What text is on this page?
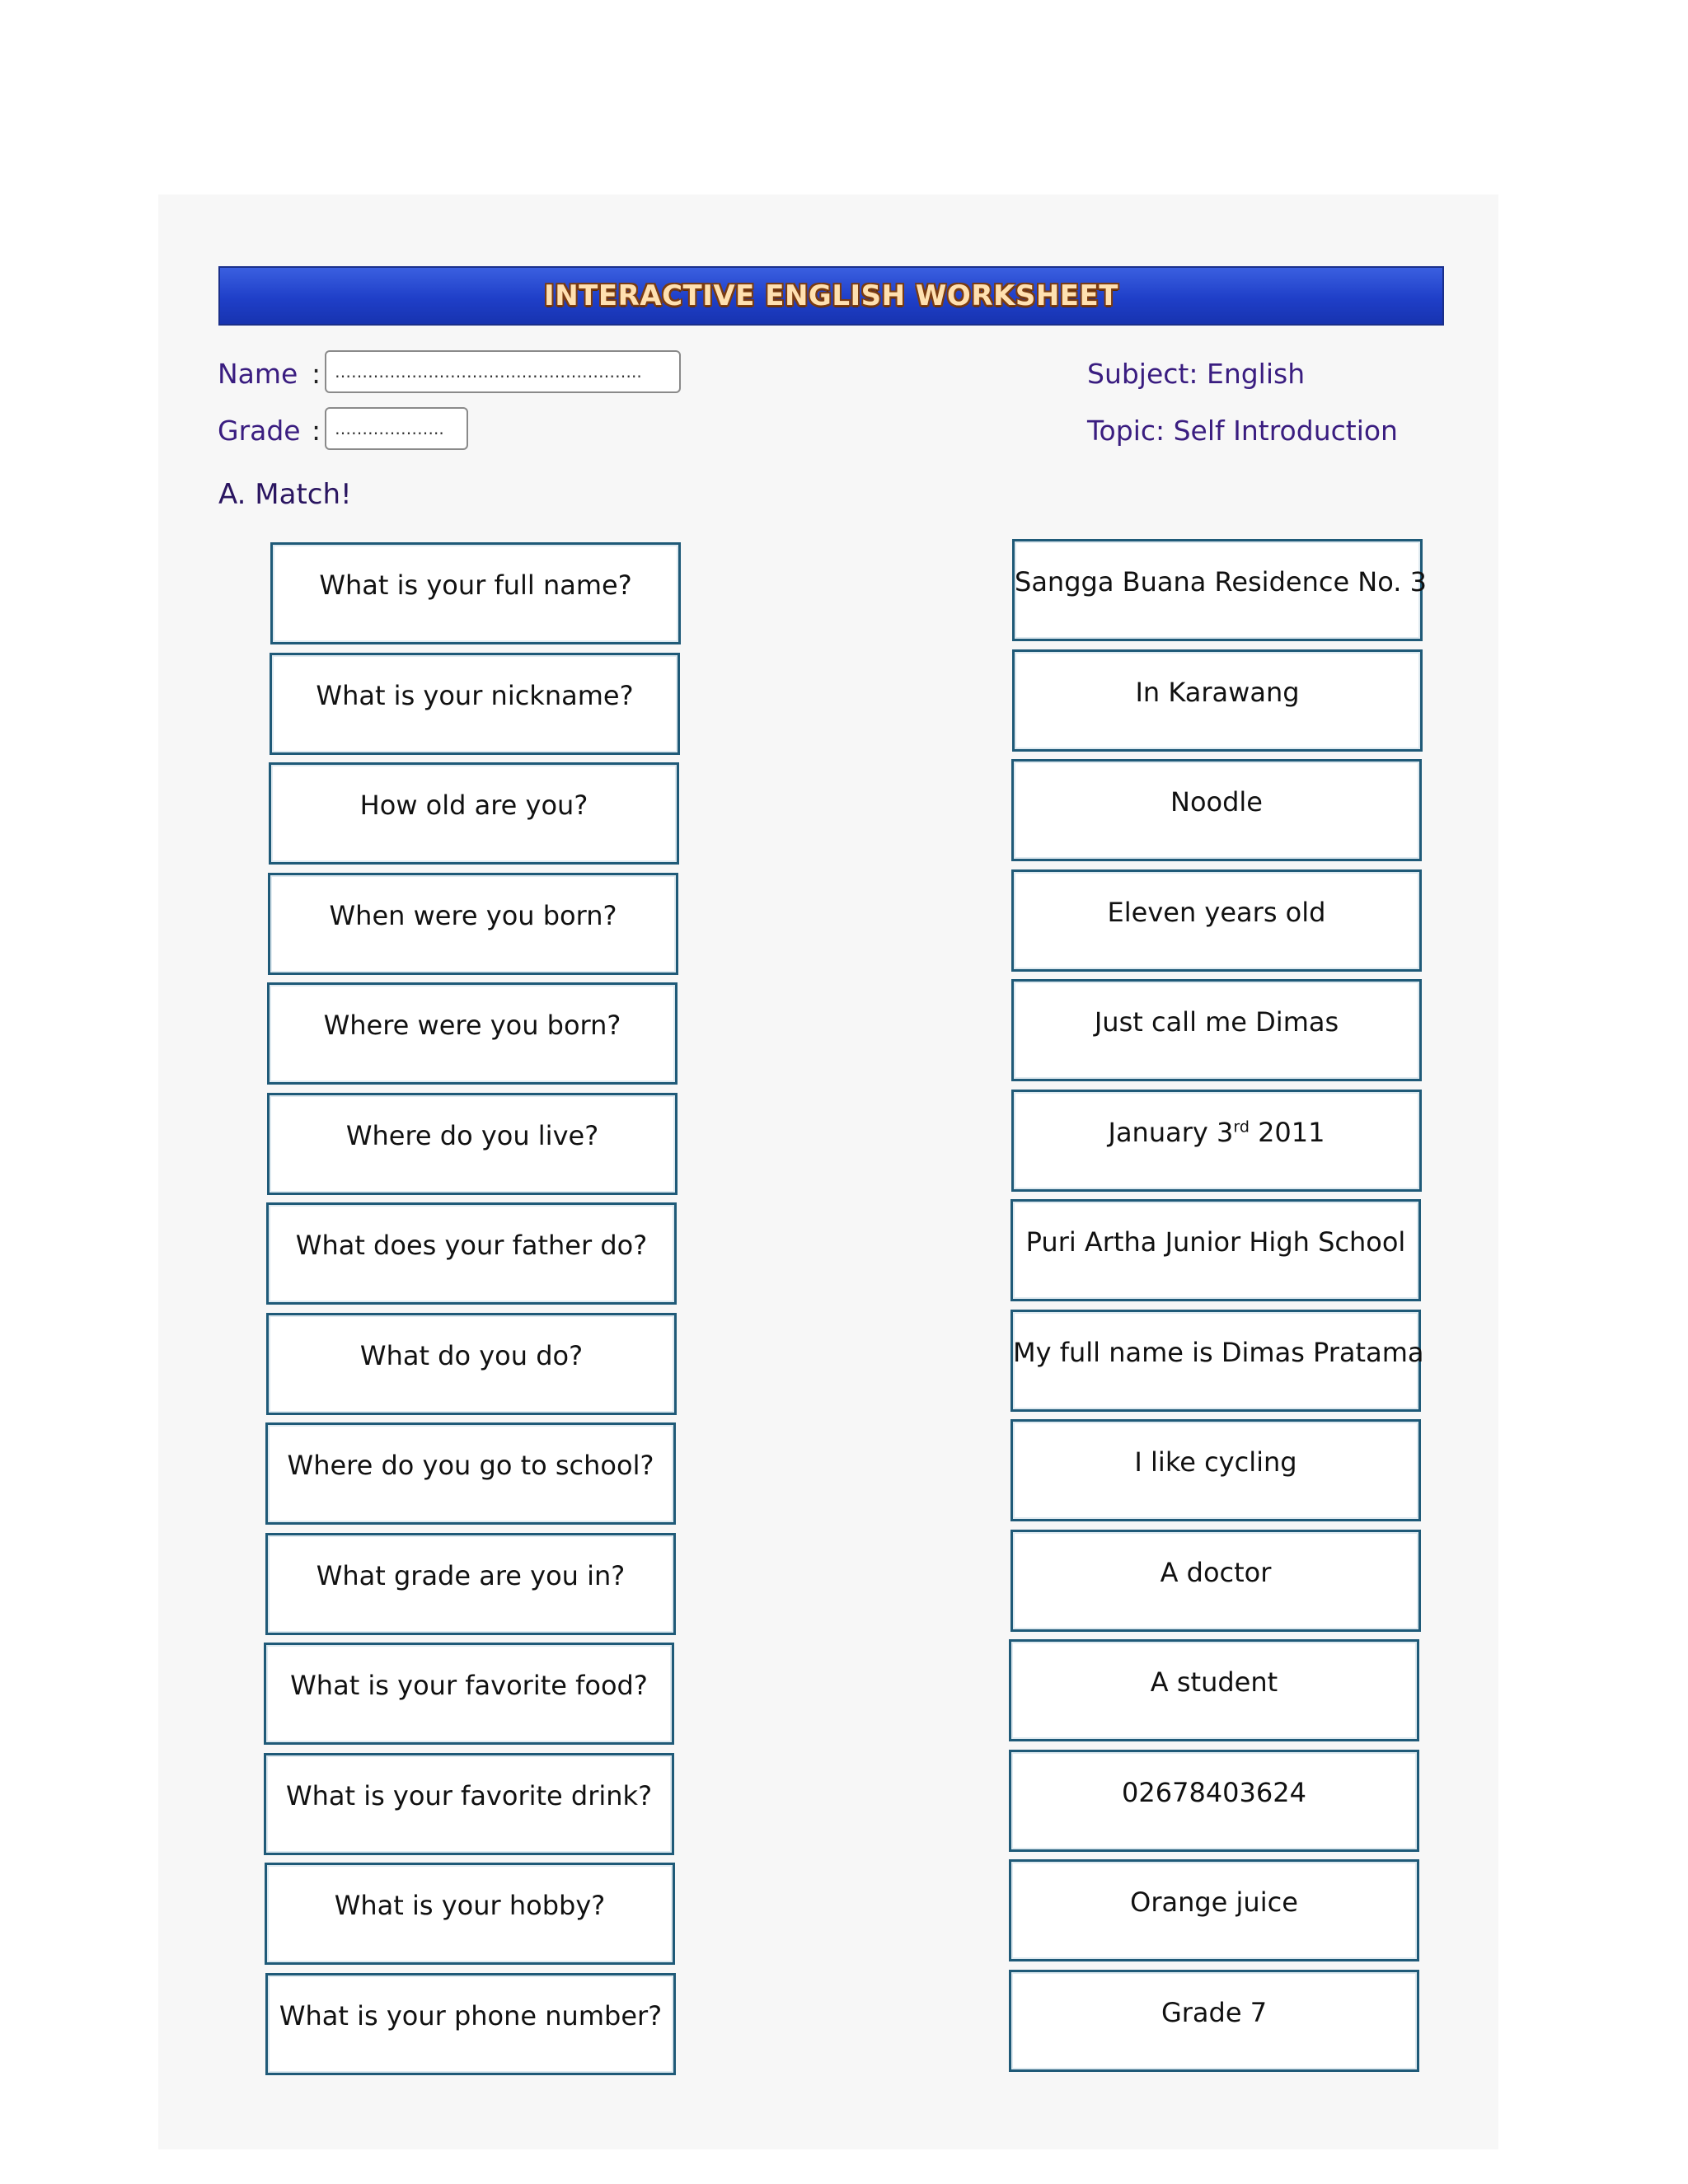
INTERACTIVE ENGLISH WORKSHEET
Name : ………………………………………………..
Grade : ………………..
Subject: English
Topic: Self Introduction
A. Match!
What is your full name?
What is your nickname?
How old are you?
When were you born?
Where were you born?
Where do you live?
What does your father do?
What do you do?
Where do you go to school?
What grade are you in?
What is your favorite food?
What is your favorite drink?
What is your hobby?
What is your phone number?
Sangga Buana Residence No. 3
In Karawang
Noodle
Eleven years old
Just call me Dimas
January 3rd 2011
Puri Artha Junior High School
My full name is Dimas Pratama
I like cycling
A doctor
A student
02678403624
Orange juice
Grade 7
